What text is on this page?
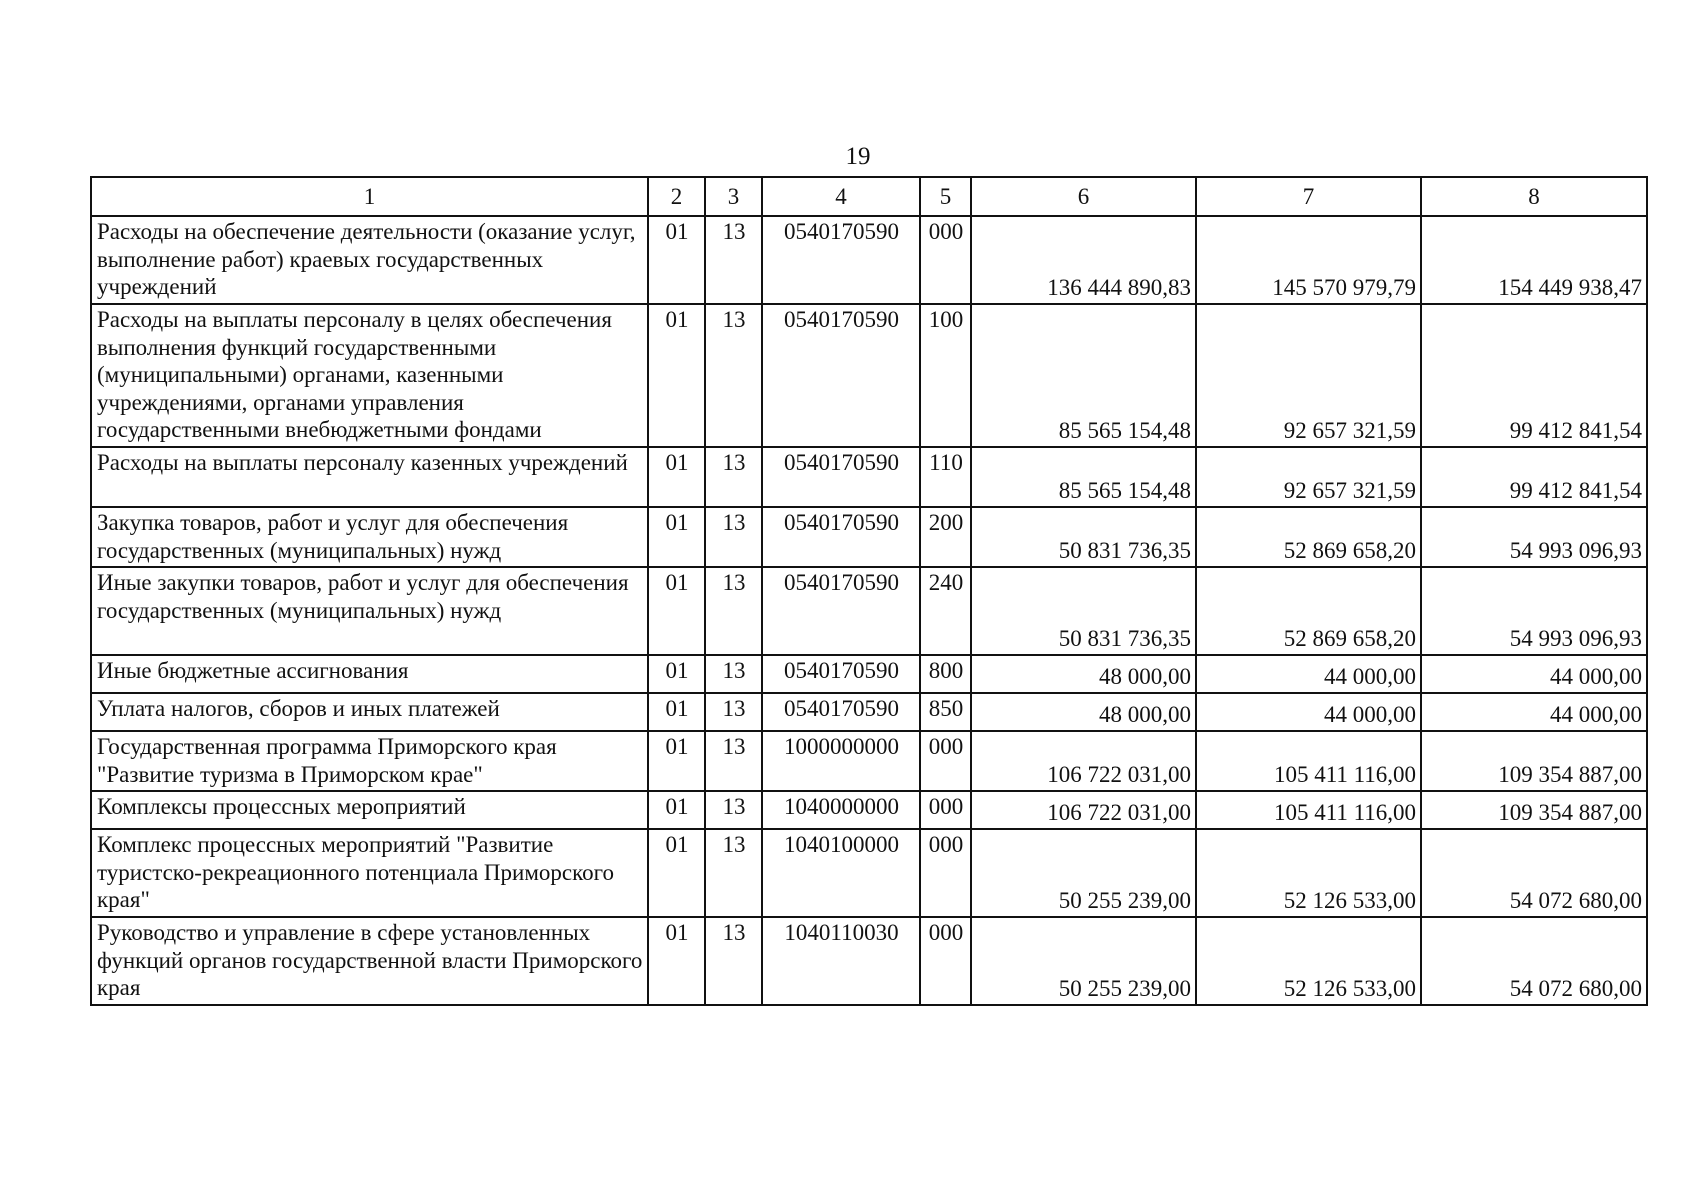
19
1	2	3	4	5	6	7	8
Расходы на обеспечение деятельности (оказание услуг, выполнение работ) краевых государственных учреждений	01	13	0540170590	000	136 444 890,83	145 570 979,79	154 449 938,47
Расходы на выплаты персоналу в целях обеспечения выполнения функций государственными (муниципальными) органами, казенными учреждениями, органами управления государственными внебюджетными фондами	01	13	0540170590	100	85 565 154,48	92 657 321,59	99 412 841,54
Расходы на выплаты персоналу казенных учреждений	01	13	0540170590	110	85 565 154,48	92 657 321,59	99 412 841,54
Закупка товаров, работ и услуг для обеспечения государственных (муниципальных) нужд	01	13	0540170590	200	50 831 736,35	52 869 658,20	54 993 096,93
Иные закупки товаров, работ и услуг для обеспечения государственных (муниципальных) нужд	01	13	0540170590	240	50 831 736,35	52 869 658,20	54 993 096,93
Иные бюджетные ассигнования	01	13	0540170590	800	48 000,00	44 000,00	44 000,00
Уплата налогов, сборов и иных платежей	01	13	0540170590	850	48 000,00	44 000,00	44 000,00
Государственная программа Приморского края "Развитие туризма в Приморском крае"	01	13	1000000000	000	106 722 031,00	105 411 116,00	109 354 887,00
Комплексы процессных мероприятий	01	13	1040000000	000	106 722 031,00	105 411 116,00	109 354 887,00
Комплекс процессных мероприятий "Развитие туристско-рекреационного потенциала Приморского края"	01	13	1040100000	000	50 255 239,00	52 126 533,00	54 072 680,00
Руководство и управление в сфере установленных функций органов государственной власти Приморского края	01	13	1040110030	000	50 255 239,00	52 126 533,00	54 072 680,00
